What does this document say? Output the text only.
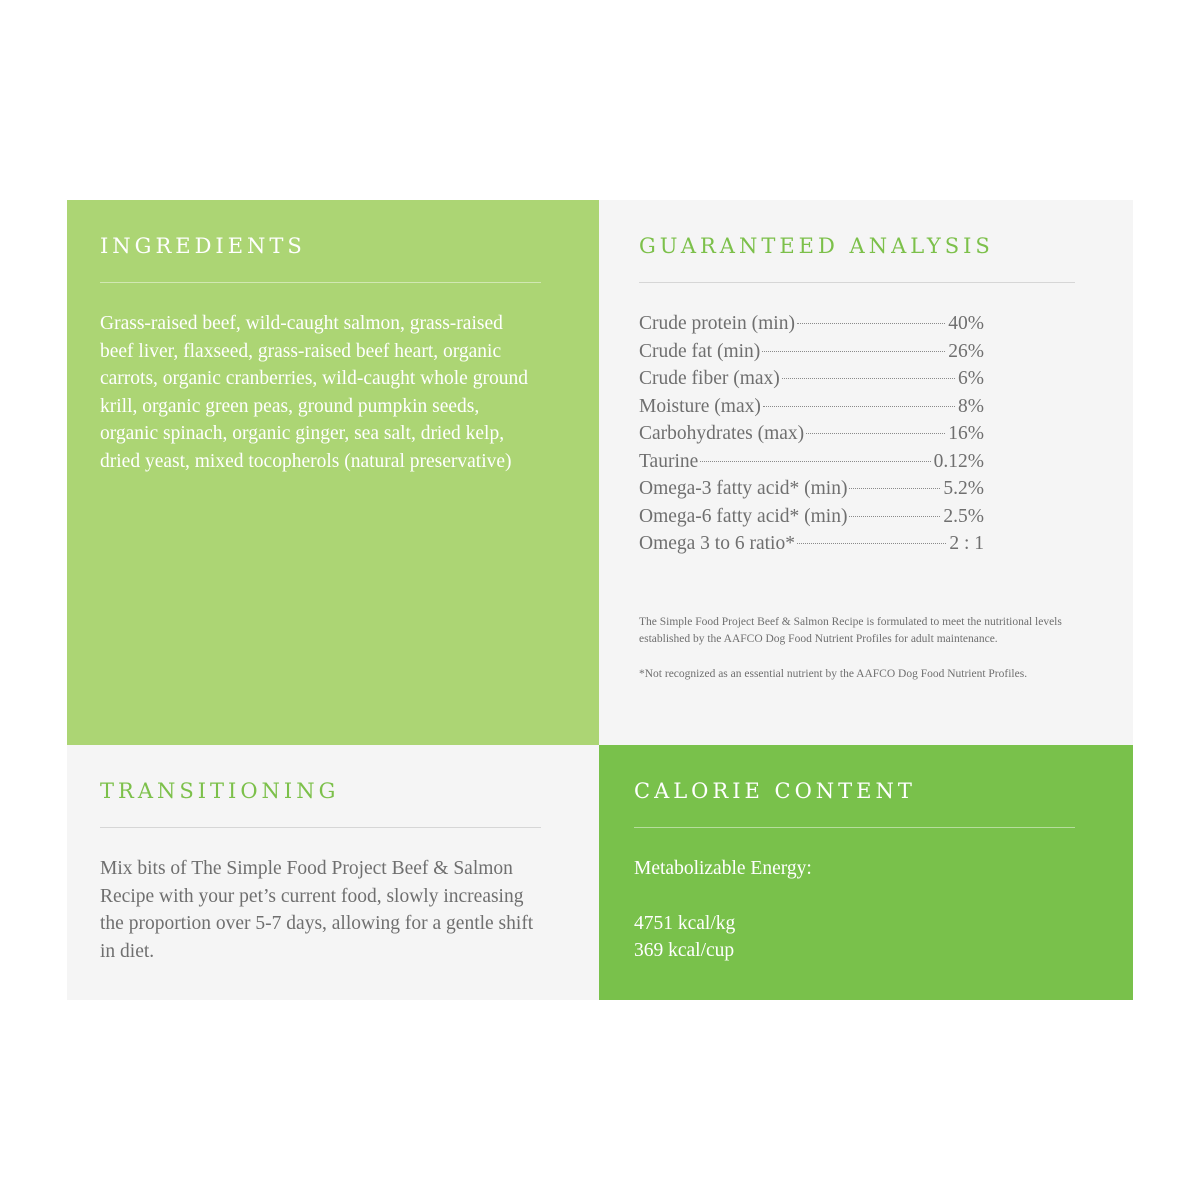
INGREDIENTS

Grass-raised beef, wild-caught salmon, grass-raised beef liver, flaxseed, grass-raised beef heart, organic carrots, organic cranberries, wild-caught whole ground krill, organic green peas, ground pumpkin seeds, organic spinach, organic ginger, sea salt, dried kelp, dried yeast, mixed tocopherols (natural preservative)

GUARANTEED ANALYSIS
Crude protein (min)	40%
Crude fat (min)	26%
Crude fiber (max)	6%
Moisture (max)	8%
Carbohydrates (max)	16%
Taurine	0.12%
Omega-3 fatty acid* (min)	5.2%
Omega-6 fatty acid* (min)	2.5%
Omega 3 to 6 ratio*	2 : 1

The Simple Food Project Beef & Salmon Recipe is formulated to meet the nutritional levels established by the AAFCO Dog Food Nutrient Profiles for adult maintenance.

*Not recognized as an essential nutrient by the AAFCO Dog Food Nutrient Profiles.

TRANSITIONING

Mix bits of The Simple Food Project Beef & Salmon Recipe with your pet’s current food, slowly increasing the proportion over 5-7 days, allowing for a gentle shift in diet.

CALORIE CONTENT

Metabolizable Energy:

4751 kcal/kg
369 kcal/cup
